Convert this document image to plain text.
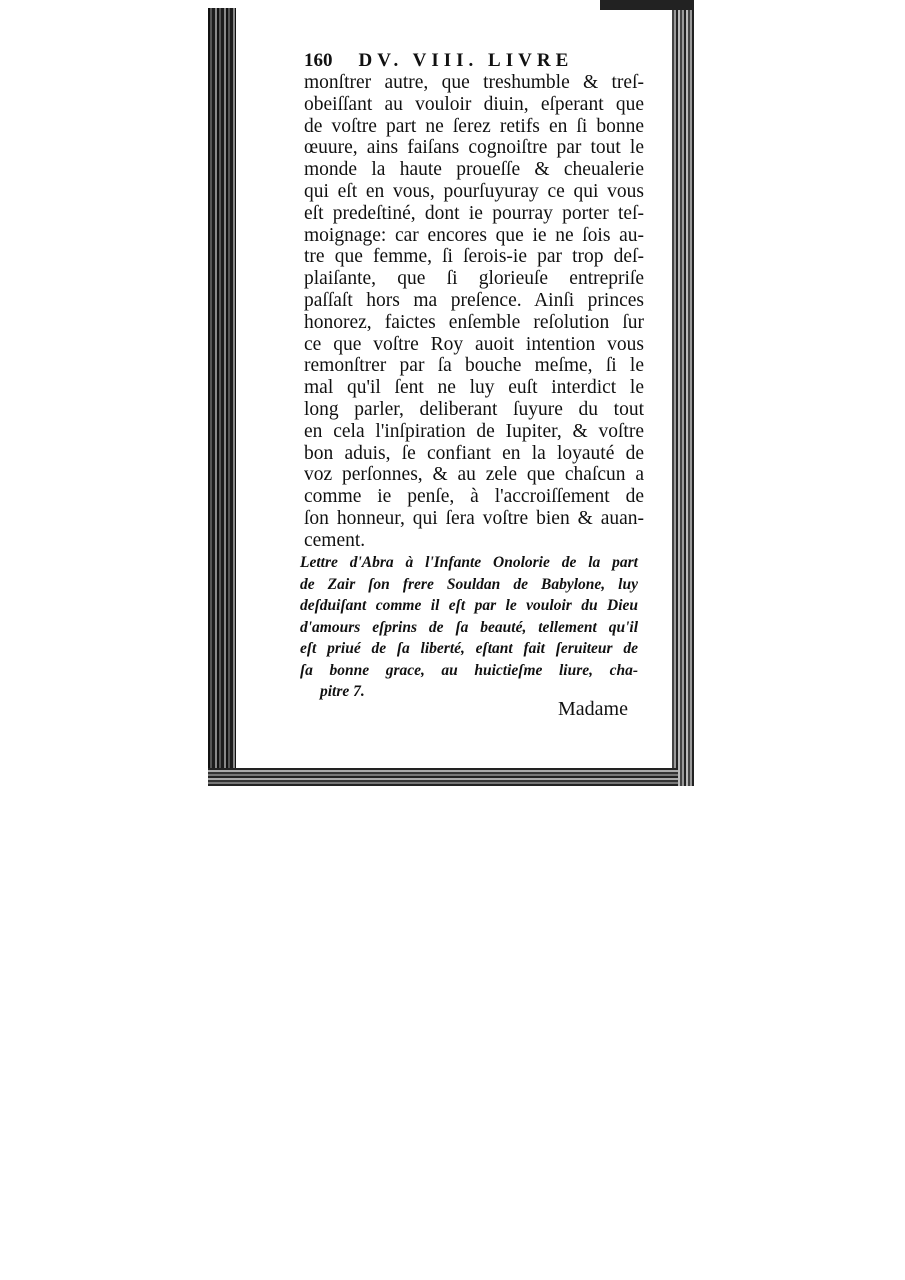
160 DV. VIII. LIVRE
monſtrer autre, que treshumble & treſ-
obeiſſant au vouloir diuin, eſperant que
de voſtre part ne ſerez retifs en ſi bonne
œuure, ains faiſans cognoiſtre par tout le
monde la haute proueſſe & cheualerie
qui eſt en vous, pourſuyuray ce qui vous
eſt predeſtiné, dont ie pourray porter teſ-
moignage: car encores que ie ne ſois au-
tre que femme, ſi ſerois-ie par trop deſ-
plaiſante, que ſi glorieuſe entrepriſe
paſſaſt hors ma preſence. Ainſi princes
honorez, faictes enſemble reſolution ſur
ce que voſtre Roy auoit intention vous
remonſtrer par ſa bouche meſme, ſi le
mal qu'il ſent ne luy euſt interdict le
long parler, deliberant ſuyure du tout
en cela l'inſpiration de Iupiter, & voſtre
bon aduis, ſe confiant en la loyauté de
voz perſonnes, & au zele que chaſcun a
comme ie penſe, à l'accroiſſement de
ſon honneur, qui ſera voſtre bien & auan-
cement.
Lettre d'Abra à l'Infante Onolorie de la part
de Zair ſon frere Souldan de Babylone, luy
deſduiſant comme il eſt par le vouloir du Dieu
d'amours eſprins de ſa beauté, tellement qu'il
eſt priué de ſa liberté, eſtant fait ſeruiteur de
ſa bonne grace, au huictieſme liure, cha-
pitre 7.
Madame
